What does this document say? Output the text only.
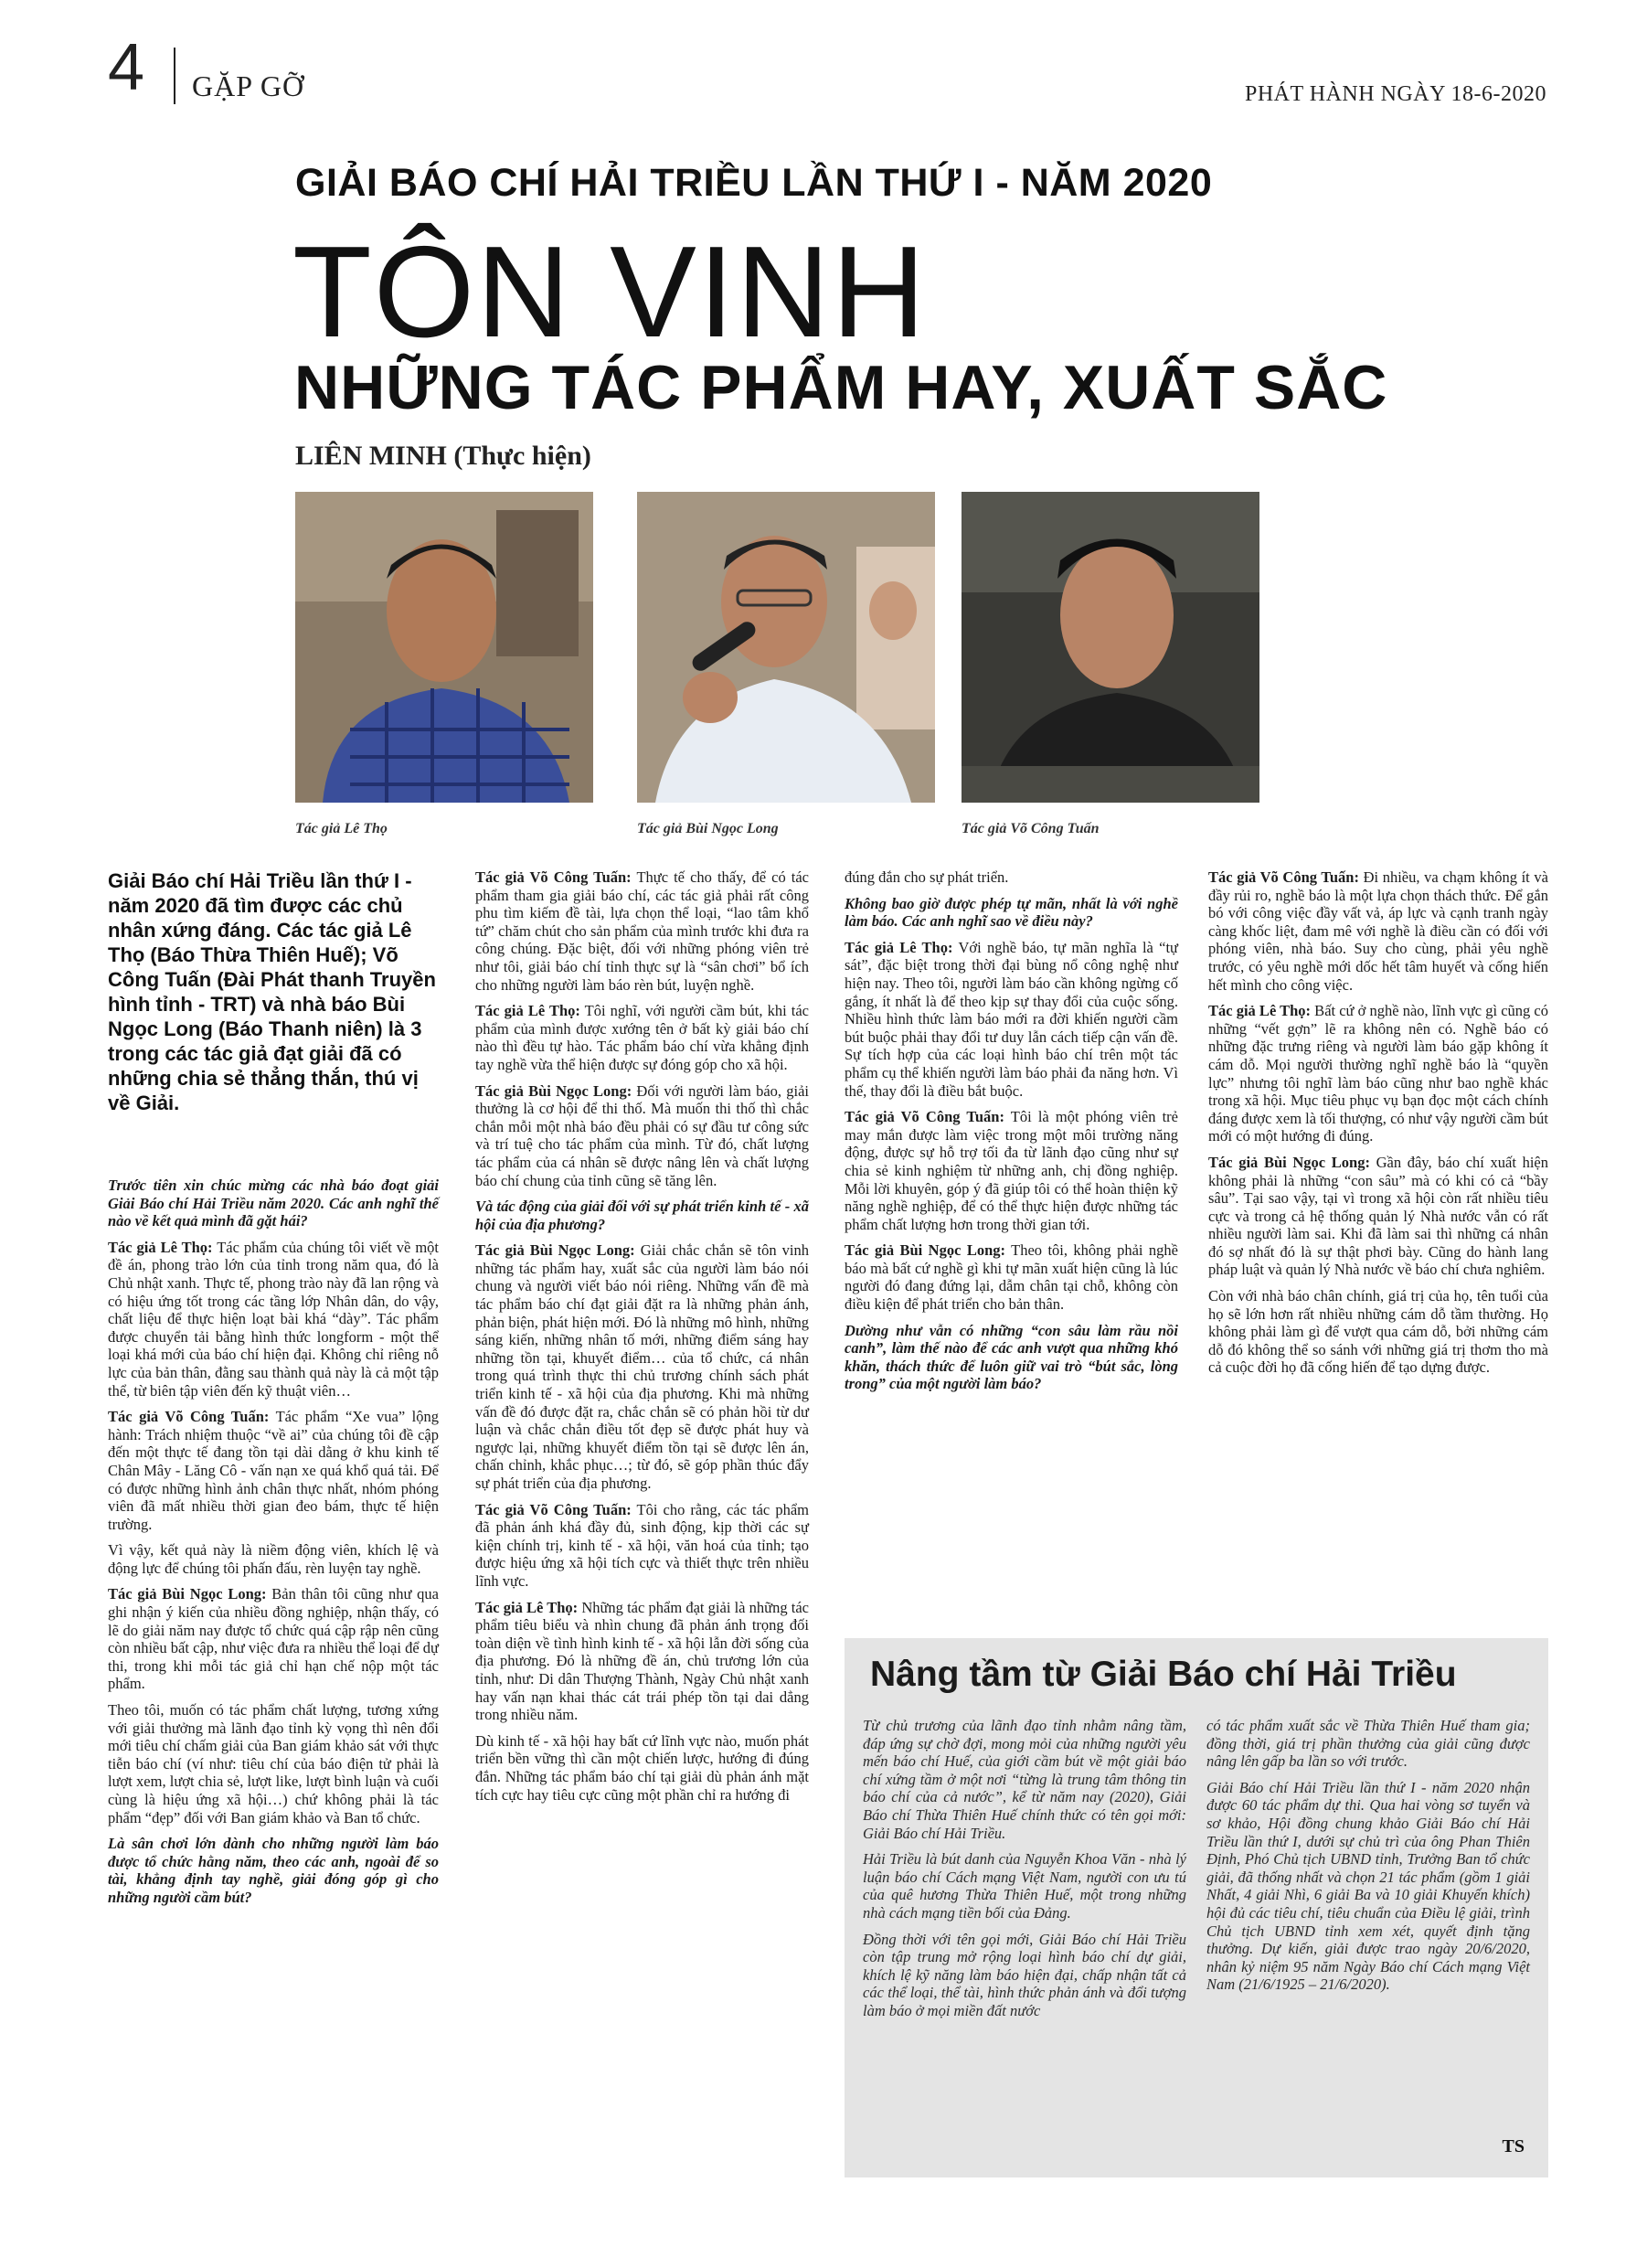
4 GẶP GỠ	PHÁT HÀNH NGÀY 18-6-2020
GIẢI BÁO CHÍ HẢI TRIỀU LẦN THỨ I - NĂM 2020
TÔN VINH
NHỮNG TÁC PHẨM HAY, XUẤT SẮC
LIÊN MINH (Thực hiện)
Tác giả Lê Thọ	Tác giả Bùi Ngọc Long	Tác giả Võ Công Tuấn

Giải Báo chí Hải Triều lần thứ I - năm 2020 đã tìm được các chủ nhân xứng đáng. Các tác giả Lê Thọ (Báo Thừa Thiên Huế); Võ Công Tuấn (Đài Phát thanh Truyền hình tỉnh - TRT) và nhà báo Bùi Ngọc Long (Báo Thanh niên) là 3 trong các tác giả đạt giải đã có những chia sẻ thẳng thắn, thú vị về Giải.

Trước tiên xin chúc mừng các nhà báo đoạt giải Giải Báo chí Hải Triều năm 2020. Các anh nghĩ thế nào về kết quả mình đã gặt hái?

Tác giả Lê Thọ: Tác phẩm của chúng tôi viết về một đề án, phong trào lớn của tỉnh trong năm qua, đó là Chủ nhật xanh. Thực tế, phong trào này đã lan rộng và có hiệu ứng tốt trong các tầng lớp Nhân dân, do vậy, chất liệu để thực hiện loạt bài khá “dày”. Tác phẩm được chuyển tải bằng hình thức longform - một thể loại khá mới của báo chí hiện đại. Không chỉ riêng nỗ lực của bản thân, đằng sau thành quả này là cả một tập thể, từ biên tập viên đến kỹ thuật viên…

Tác giả Võ Công Tuấn: Tác phẩm “Xe vua” lộng hành: Trách nhiệm thuộc “về ai” của chúng tôi đề cập đến một thực tế đang tồn tại dài dằng ở khu kinh tế Chân Mây - Lăng Cô - vấn nạn xe quá khổ quá tải. Để có được những hình ảnh chân thực nhất, nhóm phóng viên đã mất nhiều thời gian đeo bám, thực tế hiện trường.

Vì vậy, kết quả này là niềm động viên, khích lệ và động lực để chúng tôi phấn đấu, rèn luyện tay nghề.

Tác giả Bùi Ngọc Long: Bản thân tôi cũng như qua ghi nhận ý kiến của nhiều đồng nghiệp, nhận thấy, có lẽ do giải năm nay được tổ chức quá cập rập nên cũng còn nhiều bất cập, như việc đưa ra nhiều thể loại để dự thi, trong khi mỗi tác giả chỉ hạn chế nộp một tác phẩm.

Theo tôi, muốn có tác phẩm chất lượng, tương xứng với giải thưởng mà lãnh đạo tỉnh kỳ vọng thì nên đổi mới tiêu chí chấm giải của Ban giám khảo sát với thực tiễn báo chí (ví như: tiêu chí của báo điện tử phải là lượt xem, lượt chia sẻ, lượt like, lượt bình luận và cuối cùng là hiệu ứng xã hội…) chứ không phải là tác phẩm “đẹp” đối với Ban giám khảo và Ban tổ chức.

Là sân chơi lớn dành cho những người làm báo được tổ chức hằng năm, theo các anh, ngoài để so tài, khẳng định tay nghề, giải đóng góp gì cho những người cầm bút?

Tác giả Võ Công Tuấn: Thực tế cho thấy, để có tác phẩm tham gia giải báo chí, các tác giả phải rất công phu tìm kiếm đề tài, lựa chọn thể loại, “lao tâm khổ tứ” chăm chút cho sản phẩm của mình trước khi đưa ra công chúng. Đặc biệt, đối với những phóng viên trẻ như tôi, giải báo chí tỉnh thực sự là “sân chơi” bổ ích cho những người làm báo rèn bút, luyện nghề.

Tác giả Lê Thọ: Tôi nghĩ, với người cầm bút, khi tác phẩm của mình được xướng tên ở bất kỳ giải báo chí nào thì đều tự hào. Tác phẩm báo chí vừa khẳng định tay nghề vừa thể hiện được sự đóng góp cho xã hội.

Tác giả Bùi Ngọc Long: Đối với người làm báo, giải thưởng là cơ hội để thi thố. Mà muốn thi thố thì chắc chắn mỗi một nhà báo đều phải có sự đầu tư công sức và trí tuệ cho tác phẩm của mình. Từ đó, chất lượng tác phẩm của cá nhân sẽ được nâng lên và chất lượng báo chí chung của tỉnh cũng sẽ tăng lên.

Và tác động của giải đối với sự phát triển kinh tế - xã hội của địa phương?

Tác giả Bùi Ngọc Long: Giải chắc chắn sẽ tôn vinh những tác phẩm hay, xuất sắc của người làm báo nói chung và người viết báo nói riêng. Những vấn đề mà tác phẩm báo chí đạt giải đặt ra là những phản ánh, phản biện, phát hiện mới. Đó là những mô hình, những sáng kiến, những nhân tố mới, những điểm sáng hay những tồn tại, khuyết điểm… của tổ chức, cá nhân trong quá trình thực thi chủ trương chính sách phát triển kinh tế - xã hội của địa phương. Khi mà những vấn đề đó được đặt ra, chắc chắn sẽ có phản hồi từ dư luận và chắc chắn điều tốt đẹp sẽ được phát huy và ngược lại, những khuyết điểm tồn tại sẽ được lên án, chấn chỉnh, khắc phục…; từ đó, sẽ góp phần thúc đẩy sự phát triển của địa phương.

Tác giả Võ Công Tuấn: Tôi cho rằng, các tác phẩm đã phản ánh khá đầy đủ, sinh động, kịp thời các sự kiện chính trị, kinh tế - xã hội, văn hoá của tỉnh; tạo được hiệu ứng xã hội tích cực và thiết thực trên nhiều lĩnh vực.

Tác giả Lê Thọ: Những tác phẩm đạt giải là những tác phẩm tiêu biểu và nhìn chung đã phản ánh trọng đối toàn diện về tình hình kinh tế - xã hội lẫn đời sống của địa phương. Đó là những đề án, chủ trương lớn của tỉnh, như: Di dân Thượng Thành, Ngày Chủ nhật xanh hay vấn nạn khai thác cát trái phép tồn tại dai dẳng trong nhiều năm.

Dù kinh tế - xã hội hay bất cứ lĩnh vực nào, muốn phát triển bền vững thì cần một chiến lược, hướng đi đúng đắn. Những tác phẩm báo chí tại giải dù phản ánh mặt tích cực hay tiêu cực cũng một phần chỉ ra hướng đi

đúng đắn cho sự phát triển.

Không bao giờ được phép tự mãn, nhất là với nghề làm báo. Các anh nghĩ sao về điều này?

Tác giả Lê Thọ: Với nghề báo, tự mãn nghĩa là “tự sát”, đặc biệt trong thời đại bùng nổ công nghệ như hiện nay. Theo tôi, người làm báo cần không ngừng cố gắng, ít nhất là để theo kịp sự thay đổi của cuộc sống. Nhiều hình thức làm báo mới ra đời khiến người cầm bút buộc phải thay đổi tư duy lẫn cách tiếp cận vấn đề. Sự tích hợp của các loại hình báo chí trên một tác phẩm cụ thể khiến người làm báo phải đa năng hơn. Vì thế, thay đổi là điều bắt buộc.

Tác giả Võ Công Tuấn: Tôi là một phóng viên trẻ may mắn được làm việc trong một môi trường năng động, được sự hỗ trợ tối đa từ lãnh đạo cũng như sự chia sẻ kinh nghiệm từ những anh, chị đồng nghiệp. Mỗi lời khuyên, góp ý đã giúp tôi có thể hoàn thiện kỹ năng nghề nghiệp, để có thể thực hiện được những tác phẩm chất lượng hơn trong thời gian tới.

Tác giả Bùi Ngọc Long: Theo tôi, không phải nghề báo mà bất cứ nghề gì khi tự mãn xuất hiện cũng là lúc người đó đang đứng lại, dẫm chân tại chỗ, không còn điều kiện để phát triển cho bản thân.

Dường như vẫn có những “con sâu làm rầu nồi canh”, làm thế nào để các anh vượt qua những khó khăn, thách thức để luôn giữ vai trò “bút sắc, lòng trong” của một người làm báo?

Tác giả Võ Công Tuấn: Đi nhiều, va chạm không ít và đầy rủi ro, nghề báo là một lựa chọn thách thức. Để gắn bó với công việc đầy vất vả, áp lực và cạnh tranh ngày càng khốc liệt, đam mê với nghề là điều cần có đối với phóng viên, nhà báo. Suy cho cùng, phải yêu nghề trước, có yêu nghề mới dốc hết tâm huyết và cống hiến hết mình cho công việc.

Tác giả Lê Thọ: Bất cứ ở nghề nào, lĩnh vực gì cũng có những “vết gợn” lẽ ra không nên có. Nghề báo có những đặc trưng riêng và người làm báo gặp không ít cám dỗ. Mọi người thường nghĩ nghề báo là “quyền lực” nhưng tôi nghĩ làm báo cũng như bao nghề khác trong xã hội. Mục tiêu phục vụ bạn đọc một cách chính đáng được xem là tối thượng, có như vậy người cầm bút mới có một hướng đi đúng.

Tác giả Bùi Ngọc Long: Gần đây, báo chí xuất hiện không phải là những “con sâu” mà có khi có cả “bầy sâu”. Tại sao vậy, tại vì trong xã hội còn rất nhiều tiêu cực và trong cả hệ thống quản lý Nhà nước vẫn có rất nhiều người làm sai. Khi đã làm sai thì những cá nhân đó sợ nhất đó là sự thật phơi bày. Cũng do hành lang pháp luật và quản lý Nhà nước về báo chí chưa nghiêm.

Còn với nhà báo chân chính, giá trị của họ, tên tuổi của họ sẽ lớn hơn rất nhiều những cám dỗ tầm thường. Họ không phải làm gì để vượt qua cám dỗ, bởi những cám dỗ đó không thể so sánh với những giá trị thơm tho mà cả cuộc đời họ đã cống hiến để tạo dựng được.

Nâng tầm từ Giải Báo chí Hải Triều

Từ chủ trương của lãnh đạo tỉnh nhằm nâng tầm, đáp ứng sự chờ đợi, mong mỏi của những người yêu mến báo chí Huế, của giới cầm bút về một giải báo chí xứng tầm ở một nơi “từng là trung tâm thông tin báo chí của cả nước”, kể từ năm nay (2020), Giải Báo chí Thừa Thiên Huế chính thức có tên gọi mới: Giải Báo chí Hải Triều.

Hải Triều là bút danh của Nguyễn Khoa Văn - nhà lý luận báo chí Cách mạng Việt Nam, người con ưu tú của quê hương Thừa Thiên Huế, một trong những nhà cách mạng tiền bối của Đảng.

Đồng thời với tên gọi mới, Giải Báo chí Hải Triều còn tập trung mở rộng loại hình báo chí dự giải, khích lệ kỹ năng làm báo hiện đại, chấp nhận tất cả các thể loại, thể tài, hình thức phản ánh và đổi tượng làm báo ở mọi miền đất nước

có tác phẩm xuất sắc về Thừa Thiên Huế tham gia; đồng thời, giá trị phần thưởng của giải cũng được nâng lên gấp ba lần so với trước.

Giải Báo chí Hải Triều lần thứ I - năm 2020 nhận được 60 tác phẩm dự thi. Qua hai vòng sơ tuyển và sơ khảo, Hội đồng chung khảo Giải Báo chí Hải Triều lần thứ I, dưới sự chủ trì của ông Phan Thiên Định, Phó Chủ tịch UBND tỉnh, Trưởng Ban tổ chức giải, đã thống nhất và chọn 21 tác phẩm (gồm 1 giải Nhất, 4 giải Nhì, 6 giải Ba và 10 giải Khuyến khích) hội đủ các tiêu chí, tiêu chuẩn của Điều lệ giải, trình Chủ tịch UBND tỉnh xem xét, quyết định tặng thưởng. Dự kiến, giải được trao ngày 20/6/2020, nhân kỷ niệm 95 năm Ngày Báo chí Cách mạng Việt Nam (21/6/1925 – 21/6/2020).

TS
